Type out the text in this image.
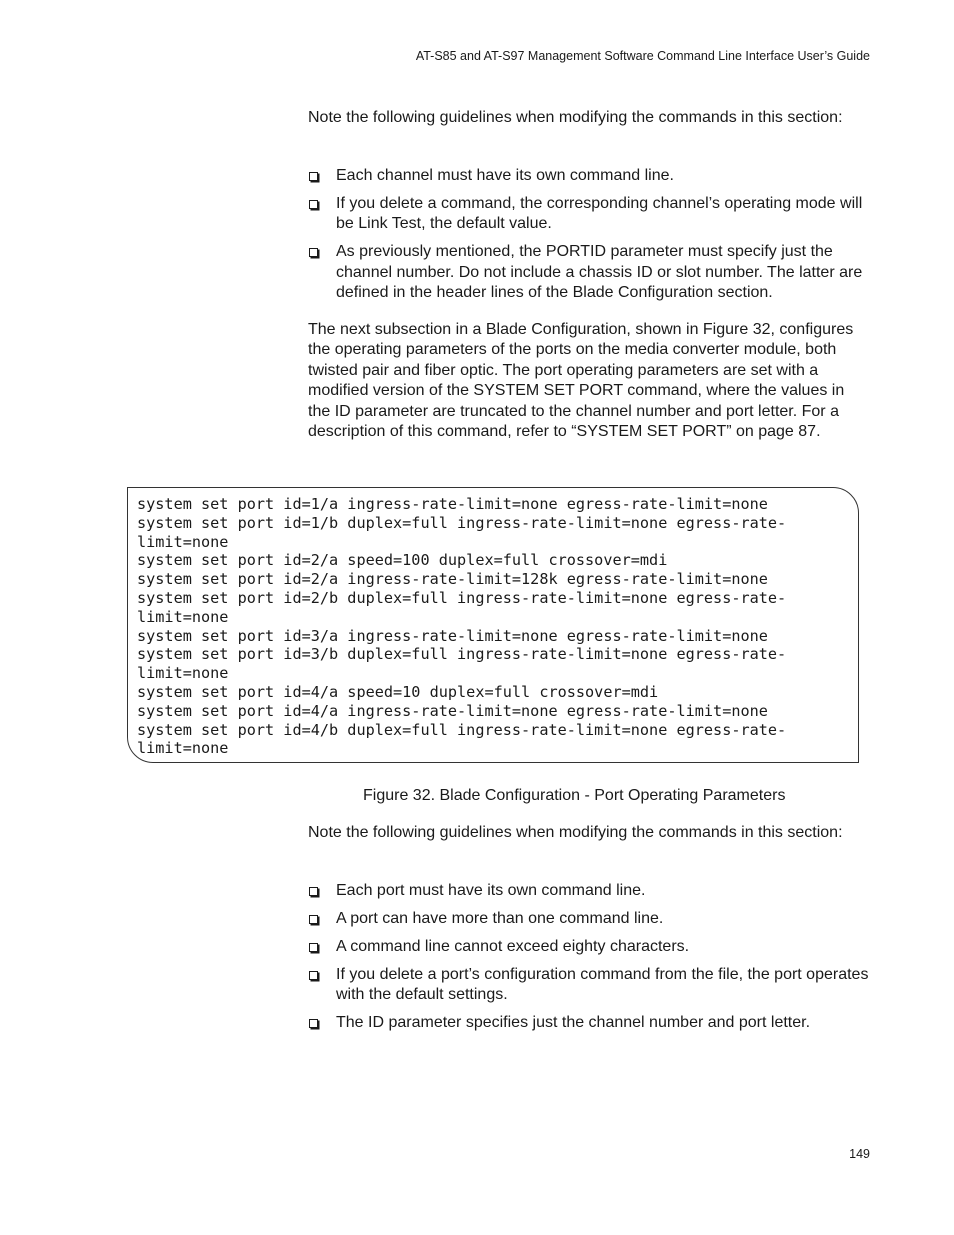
AT-S85 and AT-S97 Management Software Command Line Interface User’s Guide

Note the following guidelines when modifying the commands in this section:

Each channel must have its own command line.
If you delete a command, the corresponding channel’s operating mode will be Link Test, the default value.
As previously mentioned, the PORTID parameter must specify just the channel number. Do not include a chassis ID or slot number. The latter are defined in the header lines of the Blade Configuration section.

The next subsection in a Blade Configuration, shown in Figure 32, configures the operating parameters of the ports on the media converter module, both twisted pair and fiber optic. The port operating parameters are set with a modified version of the SYSTEM SET PORT command, where the values in the ID parameter are truncated to the channel number and port letter. For a description of this command, refer to “SYSTEM SET PORT” on page 87.

system set port id=1/a ingress-rate-limit=none egress-rate-limit=none
system set port id=1/b duplex=full ingress-rate-limit=none egress-rate-
limit=none
system set port id=2/a speed=100 duplex=full crossover=mdi
system set port id=2/a ingress-rate-limit=128k egress-rate-limit=none
system set port id=2/b duplex=full ingress-rate-limit=none egress-rate-
limit=none
system set port id=3/a ingress-rate-limit=none egress-rate-limit=none
system set port id=3/b duplex=full ingress-rate-limit=none egress-rate-
limit=none
system set port id=4/a speed=10 duplex=full crossover=mdi
system set port id=4/a ingress-rate-limit=none egress-rate-limit=none
system set port id=4/b duplex=full ingress-rate-limit=none egress-rate-
limit=none
Figure 32. Blade Configuration - Port Operating Parameters

Note the following guidelines when modifying the commands in this section:

Each port must have its own command line.
A port can have more than one command line.
A command line cannot exceed eighty characters.
If you delete a port’s configuration command from the file, the port operates with the default settings.
The ID parameter specifies just the channel number and port letter.
149
